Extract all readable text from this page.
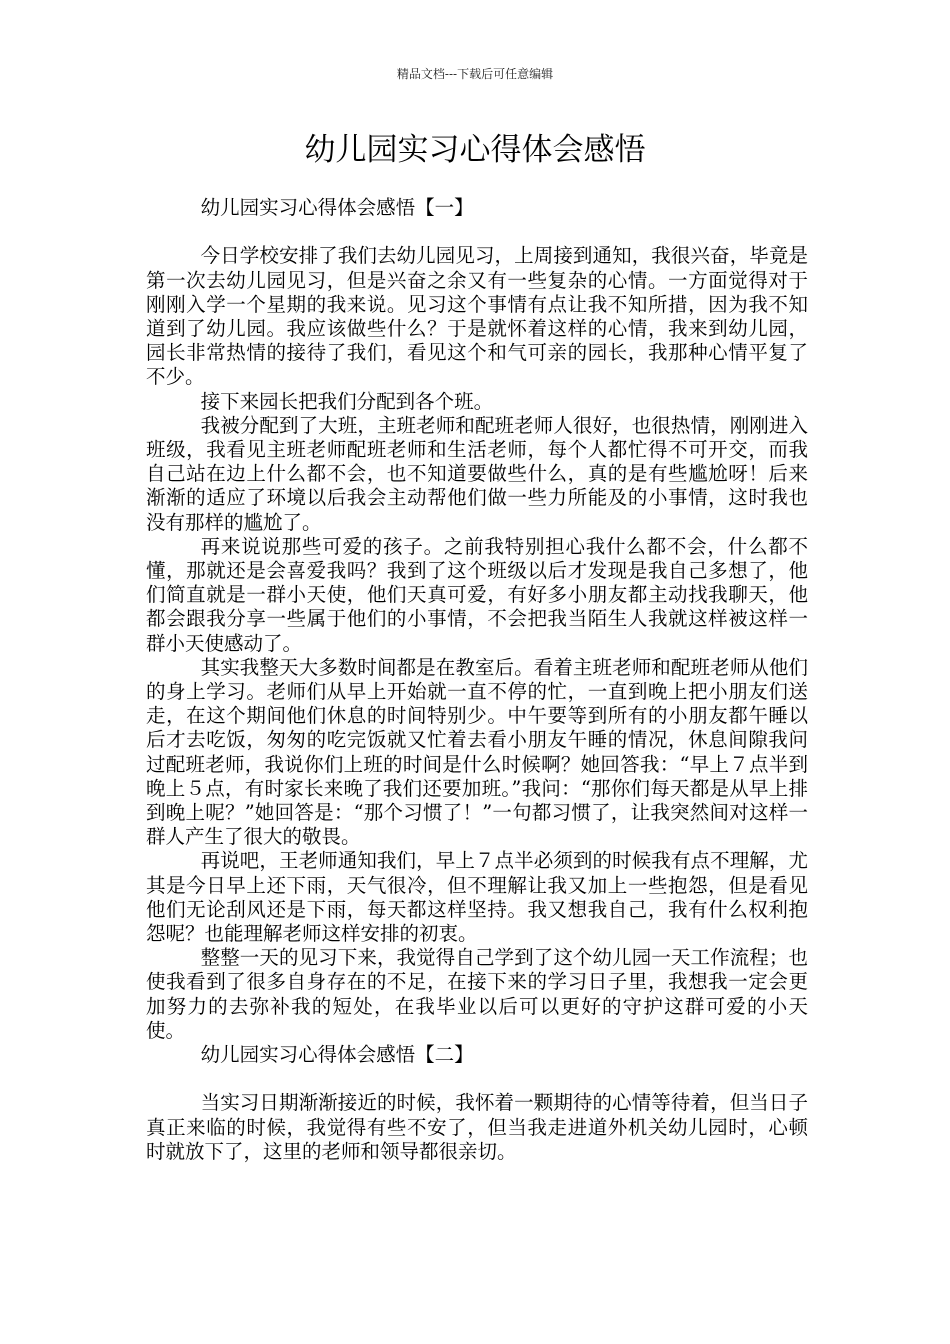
精品文档---下载后可任意编辑
幼儿园实习心得体会感悟

幼儿园实习心得体会感悟【一】

今日学校安排了我们去幼儿园见习，上周接到通知，我很兴奋，毕竟是第一次去幼儿园见习，但是兴奋之余又有一些复杂的心情。一方面觉得对于刚刚入学一个星期的我来说。见习这个事情有点让我不知所措，因为我不知道到了幼儿园。我应该做些什么？于是就怀着这样的心情，我来到幼儿园，园长非常热情的接待了我们，看见这个和气可亲的园长，我那种心情平复了不少。

接下来园长把我们分配到各个班。

我被分配到了大班，主班老师和配班老师人很好，也很热情，刚刚进入班级，我看见主班老师配班老师和生活老师，每个人都忙得不可开交，而我自己站在边上什么都不会，也不知道要做些什么，真的是有些尴尬呀！后来渐渐的适应了环境以后我会主动帮他们做一些力所能及的小事情，这时我也没有那样的尴尬了。

再来说说那些可爱的孩子。之前我特别担心我什么都不会，什么都不懂，那就还是会喜爱我吗？我到了这个班级以后才发现是我自己多想了，他们简直就是一群小天使，他们天真可爱，有好多小朋友都主动找我聊天，他都会跟我分享一些属于他们的小事情，不会把我当陌生人我就这样被这样一群小天使感动了。

其实我整天大多数时间都是在教室后。看着主班老师和配班老师从他们的身上学习。老师们从早上开始就一直不停的忙，一直到晚上把小朋友们送走，在这个期间他们休息的时间特别少。中午要等到所有的小朋友都午睡以后才去吃饭，匆匆的吃完饭就又忙着去看小朋友午睡的情况，休息间隙我问过配班老师，我说你们上班的时间是什么时候啊？她回答我：“早上７点半到晚上５点，有时家长来晚了我们还要加班。”我问：“那你们每天都是从早上排到晚上呢？”她回答是：“那个习惯了！”一句都习惯了，让我突然间对这样一群人产生了很大的敬畏。

再说吧，王老师通知我们，早上７点半必须到的时候我有点不理解，尤其是今日早上还下雨，天气很冷，但不理解让我又加上一些抱怨，但是看见他们无论刮风还是下雨，每天都这样坚持。我又想我自己，我有什么权利抱怨呢？也能理解老师这样安排的初衷。

整整一天的见习下来，我觉得自己学到了这个幼儿园一天工作流程；也使我看到了很多自身存在的不足，在接下来的学习日子里，我想我一定会更加努力的去弥补我的短处，在我毕业以后可以更好的守护这群可爱的小天使。

幼儿园实习心得体会感悟【二】

当实习日期渐渐接近的时候，我怀着一颗期待的心情等待着，但当日子真正来临的时候，我觉得有些不安了，但当我走进道外机关幼儿园时，心顿时就放下了，这里的老师和领导都很亲切。
